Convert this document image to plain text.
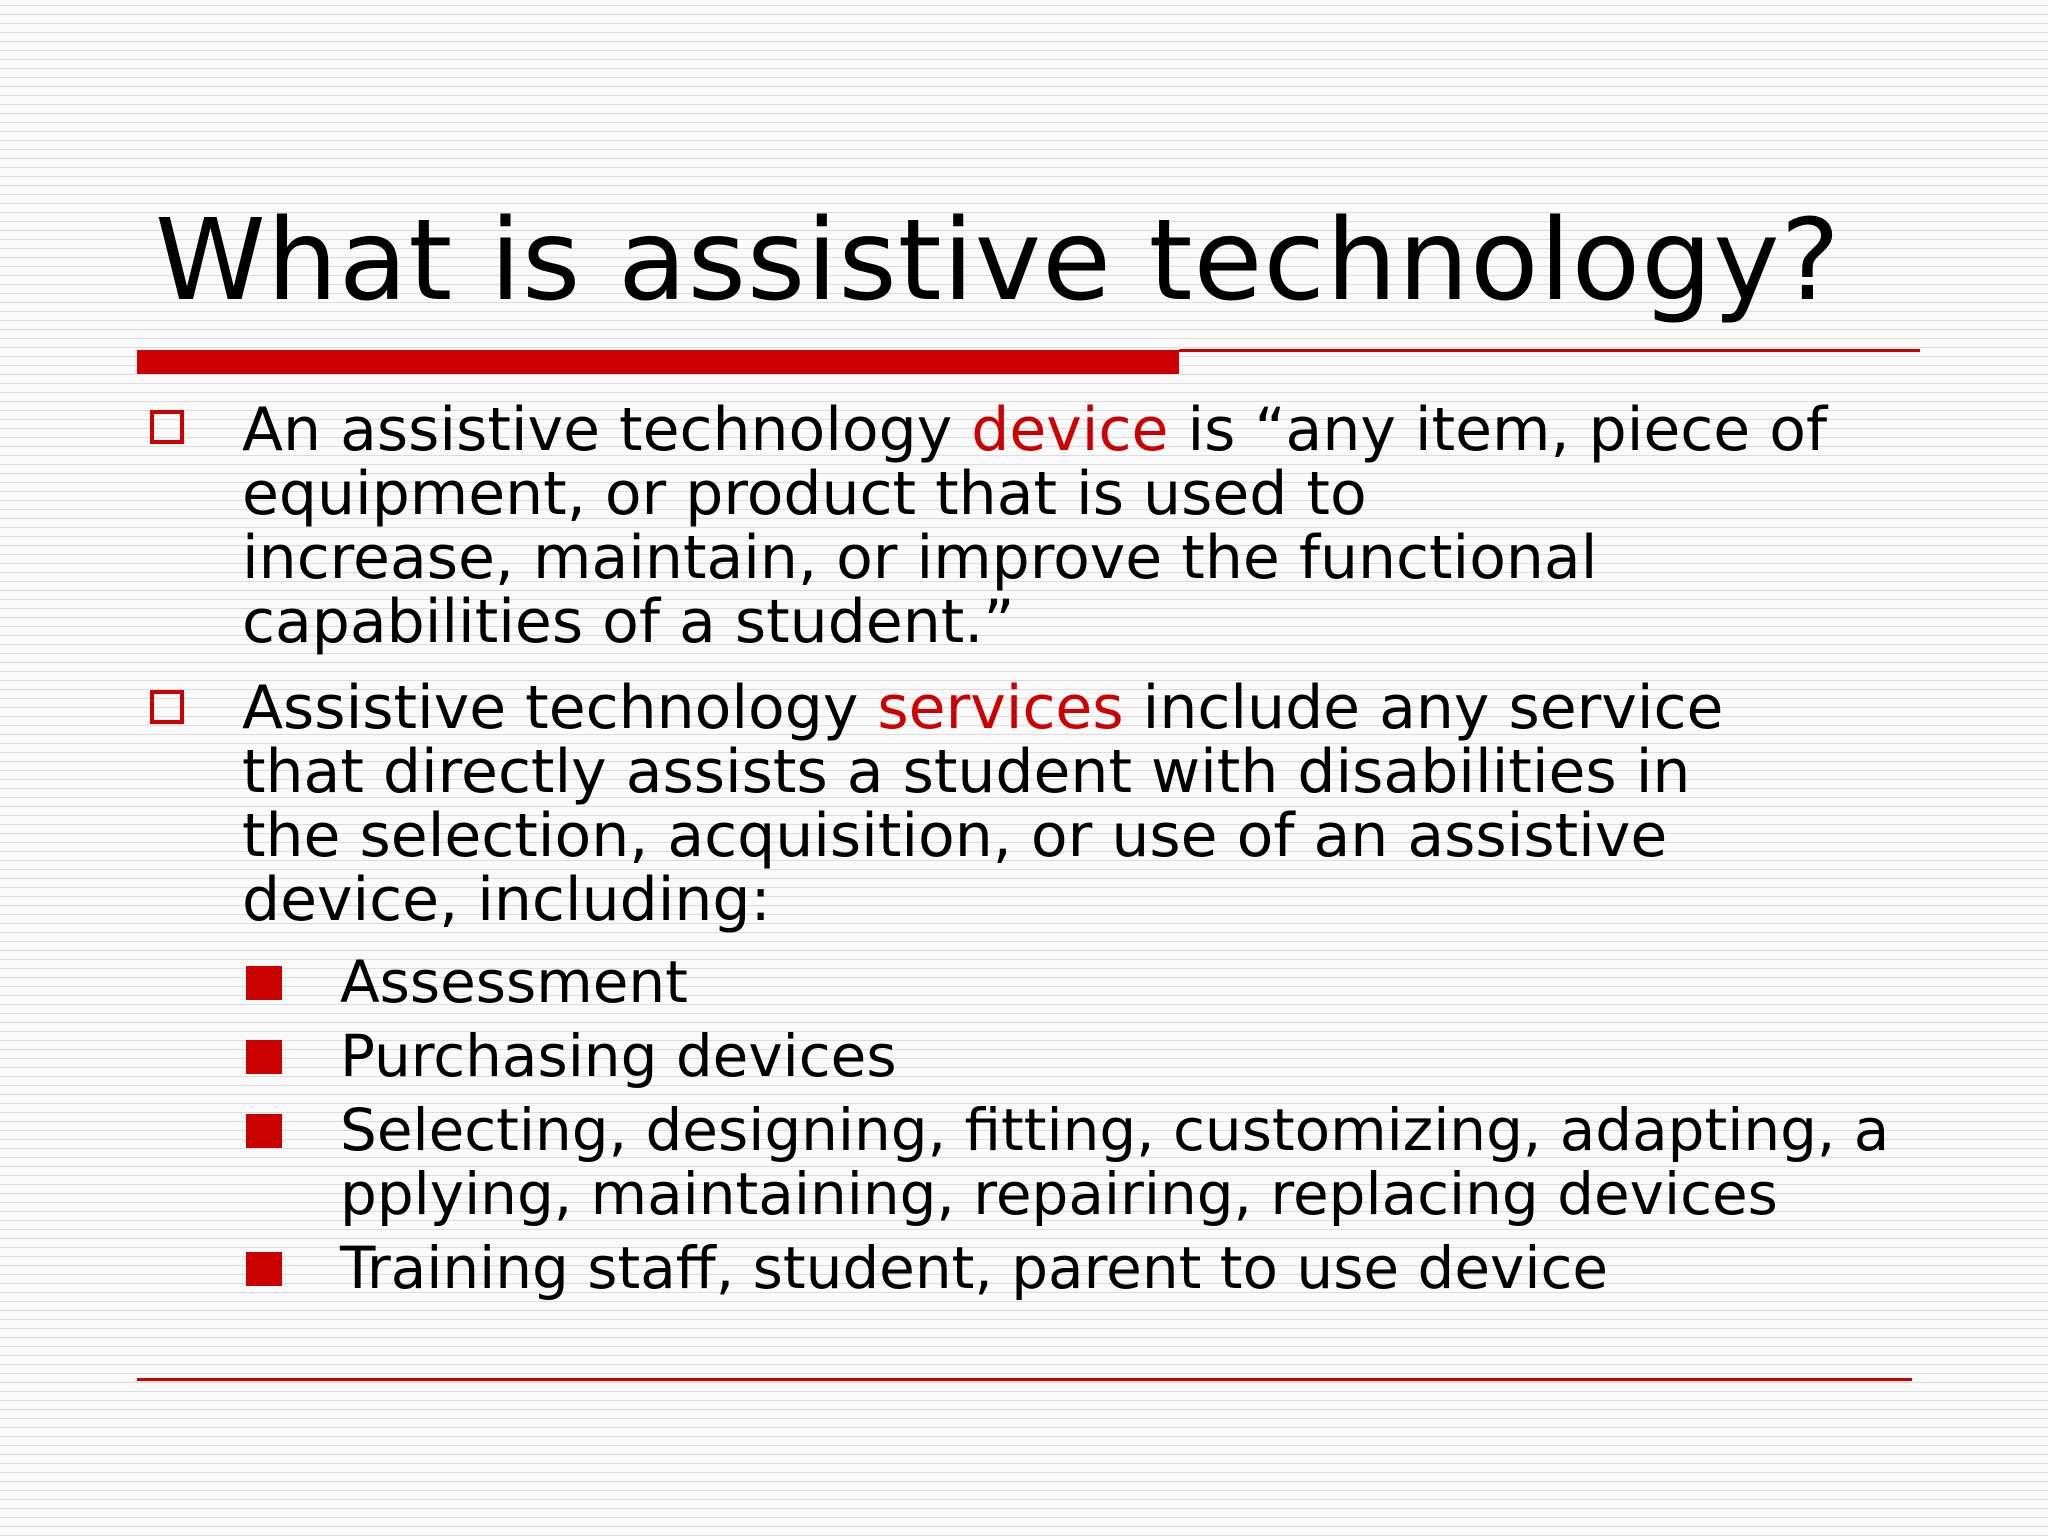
What is assistive technology?

An assistive technology device is “any item, piece of
equipment, or product that is used to
increase, maintain, or improve the functional
capabilities of a student.”

Assistive technology services include any service
that directly assists a student with disabilities in
the selection, acquisition, or use of an assistive
device, including:

Assessment

Purchasing devices

Selecting, designing, fitting, customizing, adapting, a
pplying, maintaining, repairing, replacing devices

Training staff, student, parent to use device
